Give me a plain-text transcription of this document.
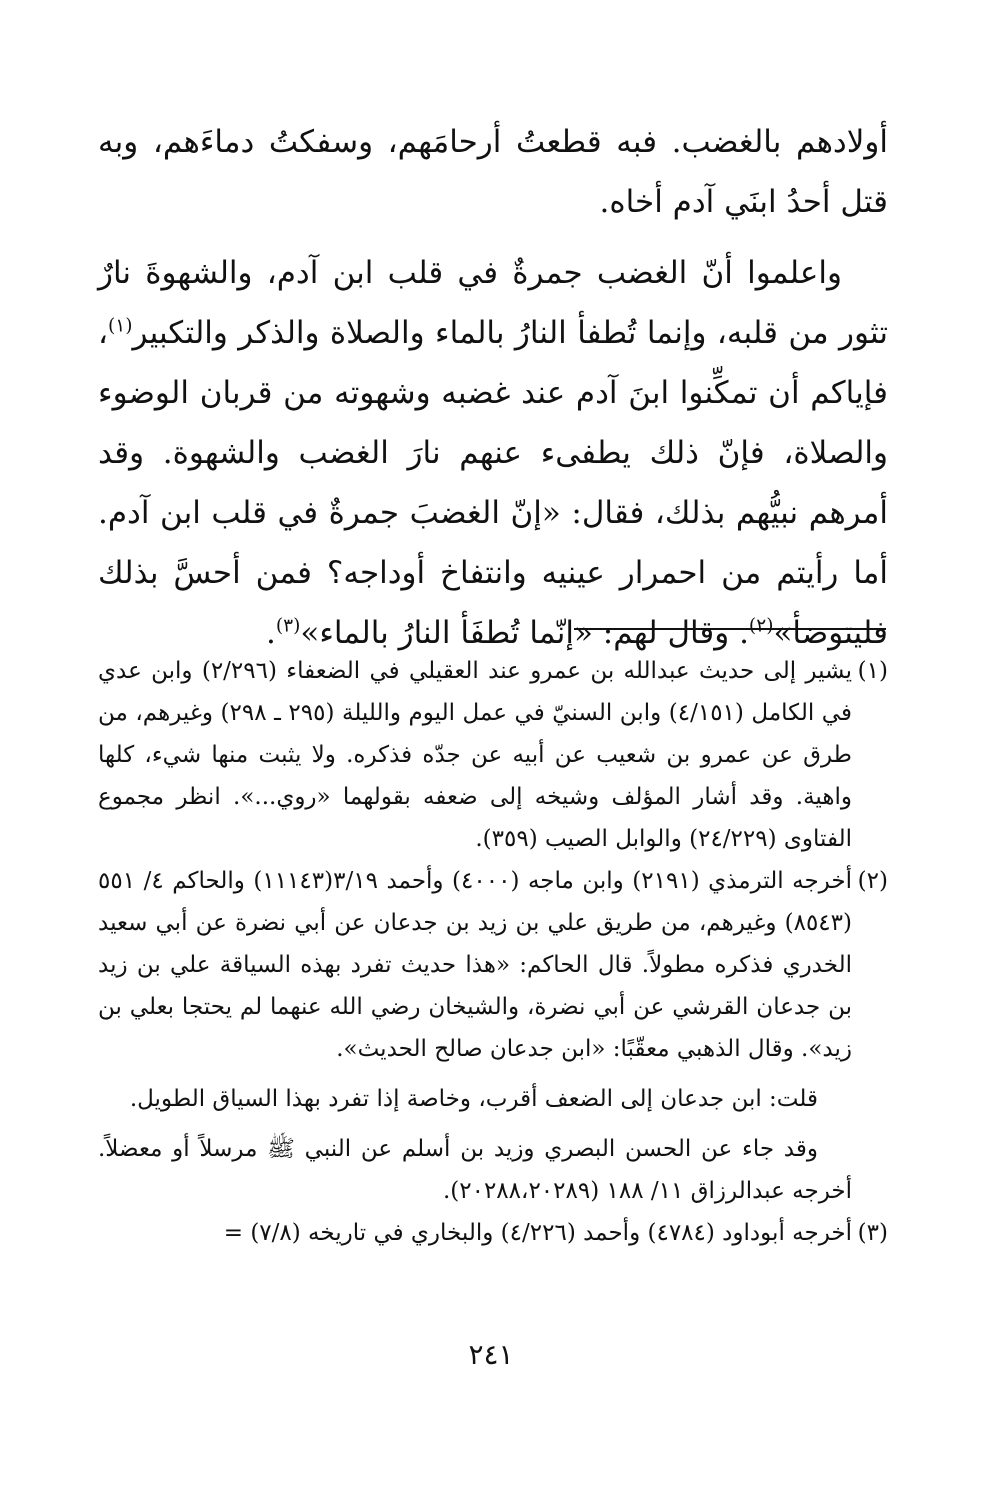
أولادهم بالغضب. فبه قطعتُ أرحامَهم، وسفكتُ دماءَهم، وبه قتل أحدُ ابنَي آدم أخاه.

واعلموا أنّ الغضب جمرةٌ في قلب ابن آدم، والشهوةَ نارٌ تثور من قلبه، وإنما تُطفأ النارُ بالماء والصلاة والذكر والتكبير$^{(١)}$، فإياكم أن تمكِّنوا ابنَ آدم عند غضبه وشهوته من قربان الوضوء والصلاة، فإنّ ذلك يطفىء عنهم نارَ الغضب والشهوة. وقد أمرهم نبيُّهم بذلك، فقال: «إنّ الغضبَ جمرةٌ في قلب ابن آدم. أما رأيتم من احمرار عينيه وانتفاخ أوداجه؟ فمن أحسَّ بذلك فليتوضأ»$^{(٢)}$. وقال لهم: «إنّما تُطفَأ النارُ بالماء»$^{(٣)}$.

(١)
يشير إلى حديث عبدالله بن عمرو عند العقيلي في الضعفاء (٢/٢٩٦) وابن عدي في الكامل (٤/١٥١) وابن السنيّ في عمل اليوم والليلة (٢٩٥ ـ ٢٩٨) وغيرهم، من طرق عن عمرو بن شعيب عن أبيه عن جدّه فذكره. ولا يثبت منها شيء، كلها واهية. وقد أشار المؤلف وشيخه إلى ضعفه بقولهما «روي...». انظر مجموع الفتاوى (٢٤/٢٢٩) والوابل الصيب (٣٥٩).
(٢)
أخرجه الترمذي (٢١٩١) وابن ماجه (٤٠٠٠) وأحمد ٣/١٩(١١١٤٣) والحاكم ٤/ ٥٥١ (٨٥٤٣) وغيرهم، من طريق علي بن زيد بن جدعان عن أبي نضرة عن أبي سعيد الخدري فذكره مطولاً. قال الحاكم: «هذا حديث تفرد بهذه السياقة علي بن زيد بن جدعان القرشي عن أبي نضرة، والشيخان رضي الله عنهما لم يحتجا بعلي بن زيد». وقال الذهبي معقّبًا: «ابن جدعان صالح الحديث».

قلت: ابن جدعان إلى الضعف أقرب، وخاصة إذا تفرد بهذا السياق الطويل.

وقد جاء عن الحسن البصري وزيد بن أسلم عن النبي ﷺ مرسلاً أو معضلاً. أخرجه عبدالرزاق ١١/ ١٨٨ (٢٠٢٨٨،٢٠٢٨٩).

(٣)
أخرجه أبوداود (٤٧٨٤) وأحمد (٤/٢٢٦) والبخاري في تاريخه (٧/٨) =
٢٤١
